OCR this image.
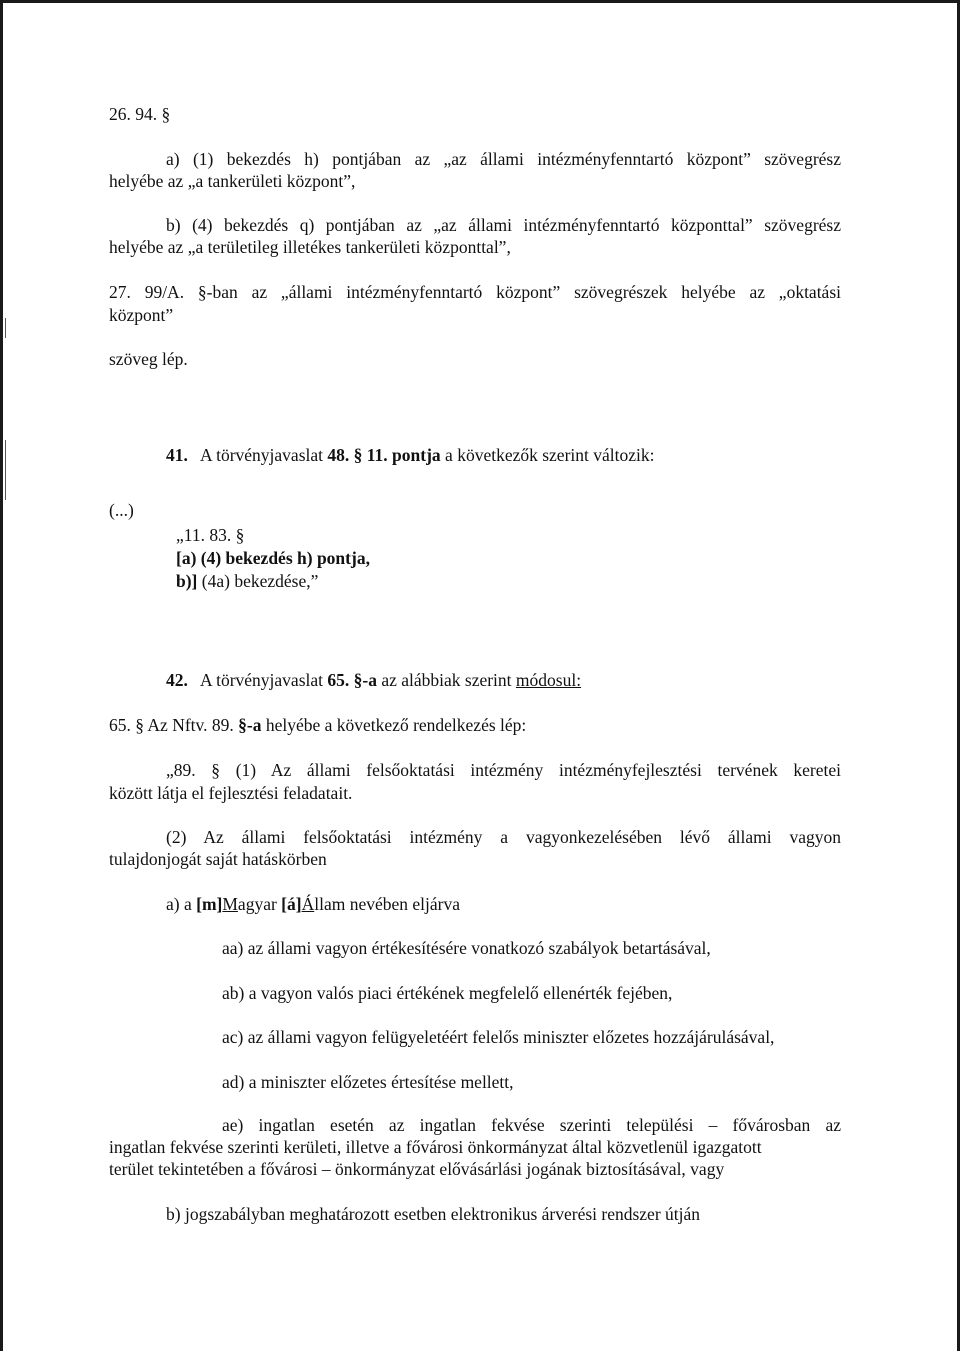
26. 94. §
a) (1) bekezdés h) pontjában az „az állami intézményfenntartó központ” szövegrész
helyébe az „a tankerületi központ”,
b) (4) bekezdés q) pontjában az „az állami intézményfenntartó központtal” szövegrész
helyébe az „a területileg illetékes tankerületi központtal”,
27. 99/A. §-ban az „állami intézményfenntartó központ” szövegrészek helyébe az „oktatási
központ”
szöveg lép.
41. A törvényjavaslat 48. § 11. pontja a következők szerint változik:
(...)
„11. 83. §
[a) (4) bekezdés h) pontja,
b)] (4a) bekezdése,”
42. A törvényjavaslat 65. §-a az alábbiak szerint módosul:
65. § Az Nftv. 89. §-a helyébe a következő rendelkezés lép:
„89. § (1) Az állami felsőoktatási intézmény intézményfejlesztési tervének keretei
között látja el fejlesztési feladatait.
(2) Az állami felsőoktatási intézmény a vagyonkezelésében lévő állami vagyon
tulajdonjogát saját hatáskörben
a) a [m]Magyar [á]Állam nevében eljárva
aa) az állami vagyon értékesítésére vonatkozó szabályok betartásával,
ab) a vagyon valós piaci értékének megfelelő ellenérték fejében,
ac) az állami vagyon felügyeletéért felelős miniszter előzetes hozzájárulásával,
ad) a miniszter előzetes értesítése mellett,
ae) ingatlan esetén az ingatlan fekvése szerinti települési – fővárosban az
ingatlan fekvése szerinti kerületi, illetve a fővárosi önkormányzat által közvetlenül igazgatott
terület tekintetében a fővárosi – önkormányzat elővásárlási jogának biztosításával, vagy
b) jogszabályban meghatározott esetben elektronikus árverési rendszer útján
